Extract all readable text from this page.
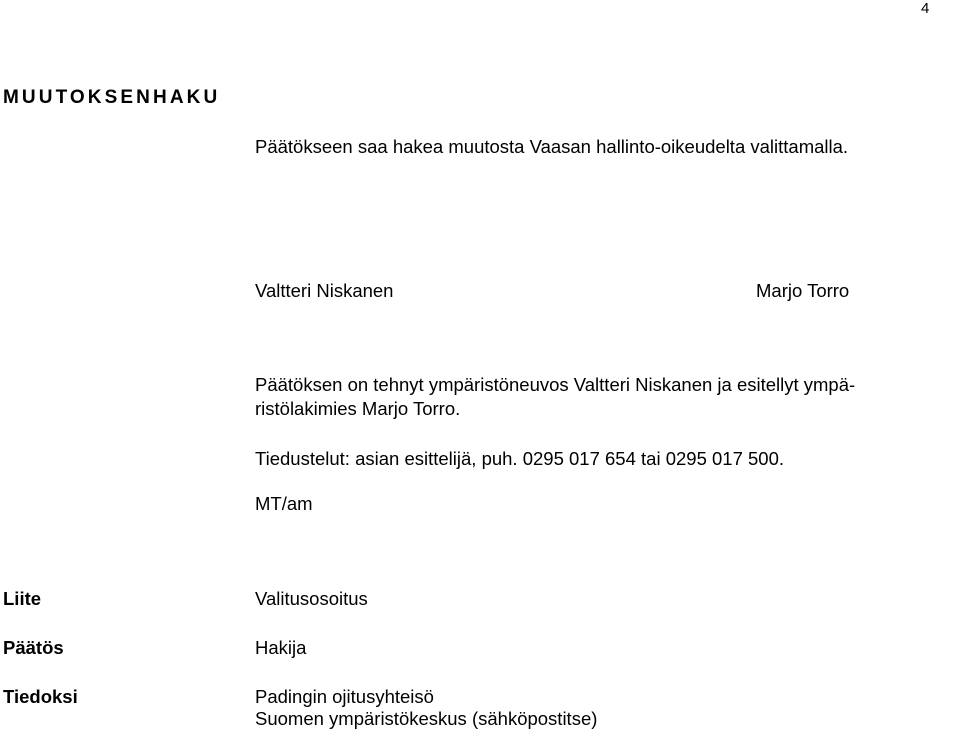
4
MUUTOKSENHAKU
Päätökseen saa hakea muutosta Vaasan hallinto-oikeudelta valittamalla.
Valtteri Niskanen	Marjo Torro
Päätöksen on tehnyt ympäristöneuvos Valtteri Niskanen ja esitellyt ympä-
ristölakimies Marjo Torro.
Tiedustelut: asian esittelijä, puh. 0295 017 654 tai 0295 017 500.
MT/am
Liite	Valitusosoitus
Päätös	Hakija
Tiedoksi	Padingin ojitusyhteisö
Suomen ympäristökeskus (sähköpostitse)
